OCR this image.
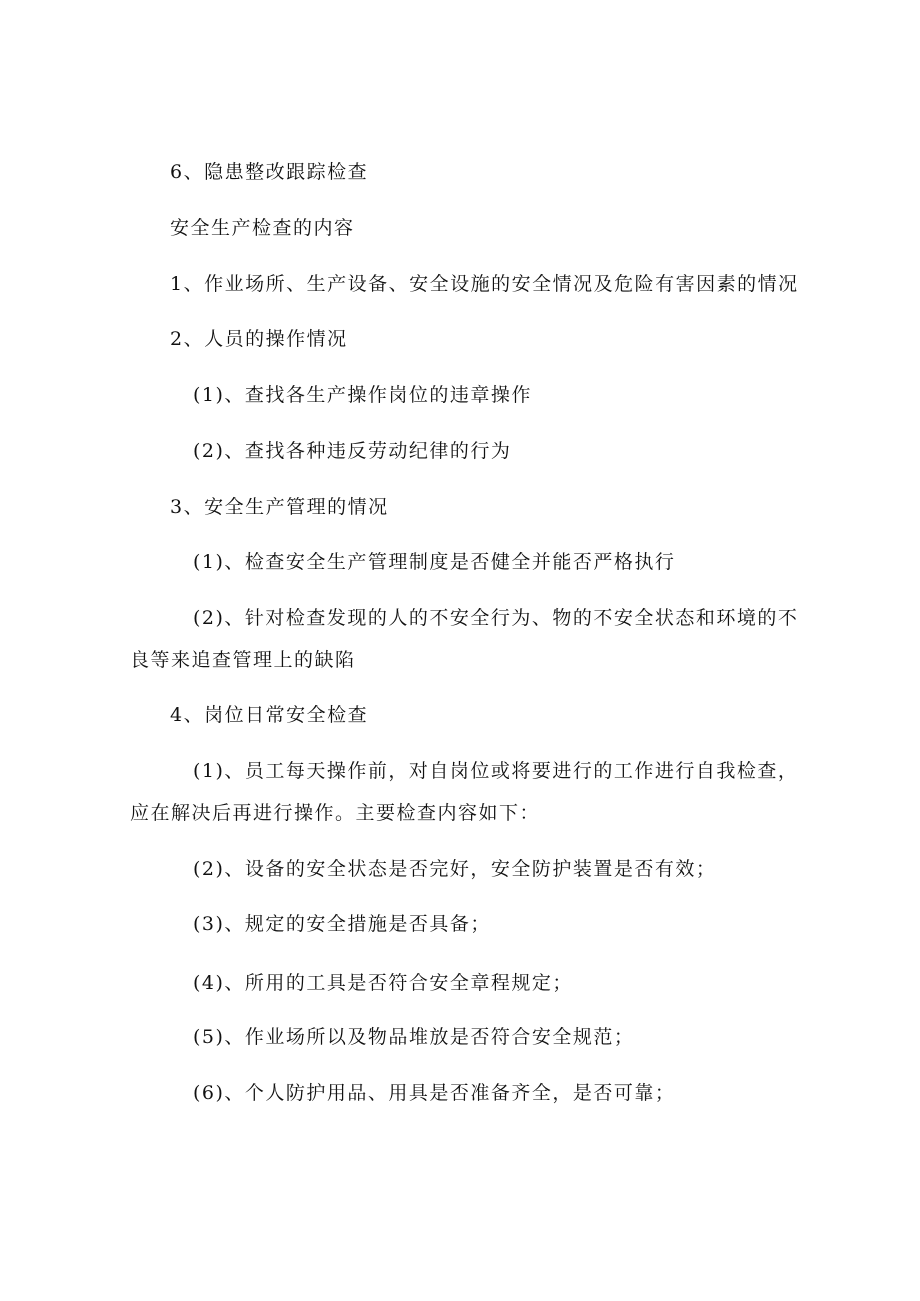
6、隐患整改跟踪检查
安全生产检查的内容
1、作业场所、生产设备、安全设施的安全情况及危险有害因素的情况
2、人员的操作情况
(1)、查找各生产操作岗位的违章操作
(2)、查找各种违反劳动纪律的行为
3、安全生产管理的情况
(1)、检查安全生产管理制度是否健全并能否严格执行
(2)、针对检查发现的人的不安全行为、物的不安全状态和环境的不
良等来追查管理上的缺陷
4、岗位日常安全检查
(1)、员工每天操作前，对自岗位或将要进行的工作进行自我检查，
应在解决后再进行操作。主要检查内容如下：
(2)、设备的安全状态是否完好，安全防护装置是否有效；
(3)、规定的安全措施是否具备；
(4)、所用的工具是否符合安全章程规定；
(5)、作业场所以及物品堆放是否符合安全规范；
(6)、个人防护用品、用具是否准备齐全，是否可靠；
